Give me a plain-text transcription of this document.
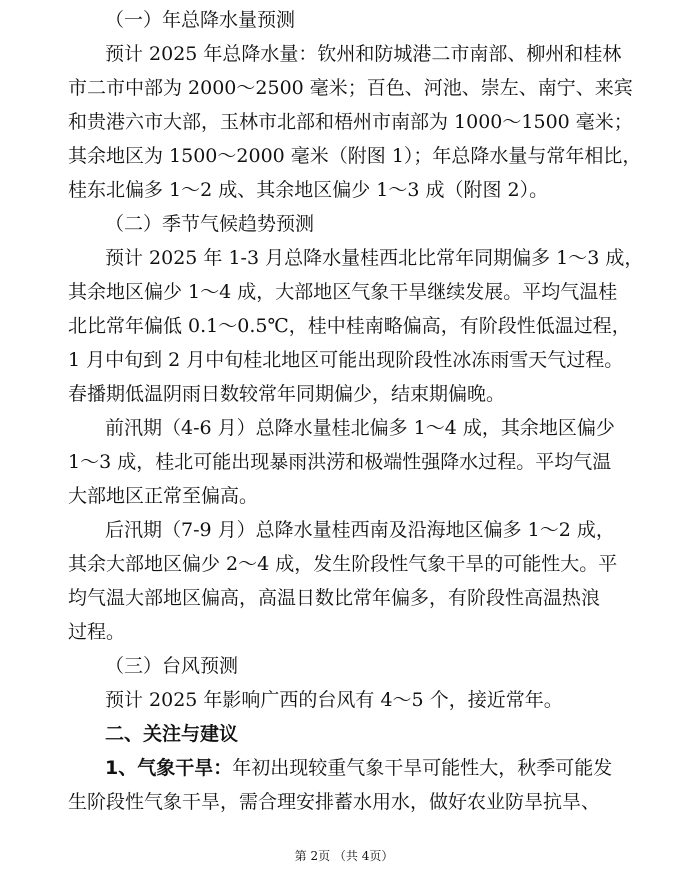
（一）年总降水量预测
预计 2025 年总降水量：钦州和防城港二市南部、柳州和桂林
市二市中部为 2000～2500 毫米；百色、河池、崇左、南宁、来宾
和贵港六市大部，玉林市北部和梧州市南部为 1000～1500 毫米；
其余地区为 1500～2000 毫米（附图 1）；年总降水量与常年相比，
桂东北偏多 1～2 成、其余地区偏少 1～3 成（附图 2）。
（二）季节气候趋势预测
预计 2025 年 1-3 月总降水量桂西北比常年同期偏多 1～3 成，
其余地区偏少 1～4 成，大部地区气象干旱继续发展。平均气温桂
北比常年偏低 0.1～0.5℃，桂中桂南略偏高，有阶段性低温过程，
1 月中旬到 2 月中旬桂北地区可能出现阶段性冰冻雨雪天气过程。
春播期低温阴雨日数较常年同期偏少，结束期偏晚。
前汛期（4-6 月）总降水量桂北偏多 1～4 成，其余地区偏少
1～3 成，桂北可能出现暴雨洪涝和极端性强降水过程。平均气温
大部地区正常至偏高。
后汛期（7-9 月）总降水量桂西南及沿海地区偏多 1～2 成，
其余大部地区偏少 2～4 成，发生阶段性气象干旱的可能性大。平
均气温大部地区偏高，高温日数比常年偏多，有阶段性高温热浪
过程。
（三）台风预测
预计 2025 年影响广西的台风有 4～5 个，接近常年。
二、关注与建议
1、气象干旱：年初出现较重气象干旱可能性大，秋季可能发
生阶段性气象干旱，需合理安排蓄水用水，做好农业防旱抗旱、
第 2页 （共 4页）
